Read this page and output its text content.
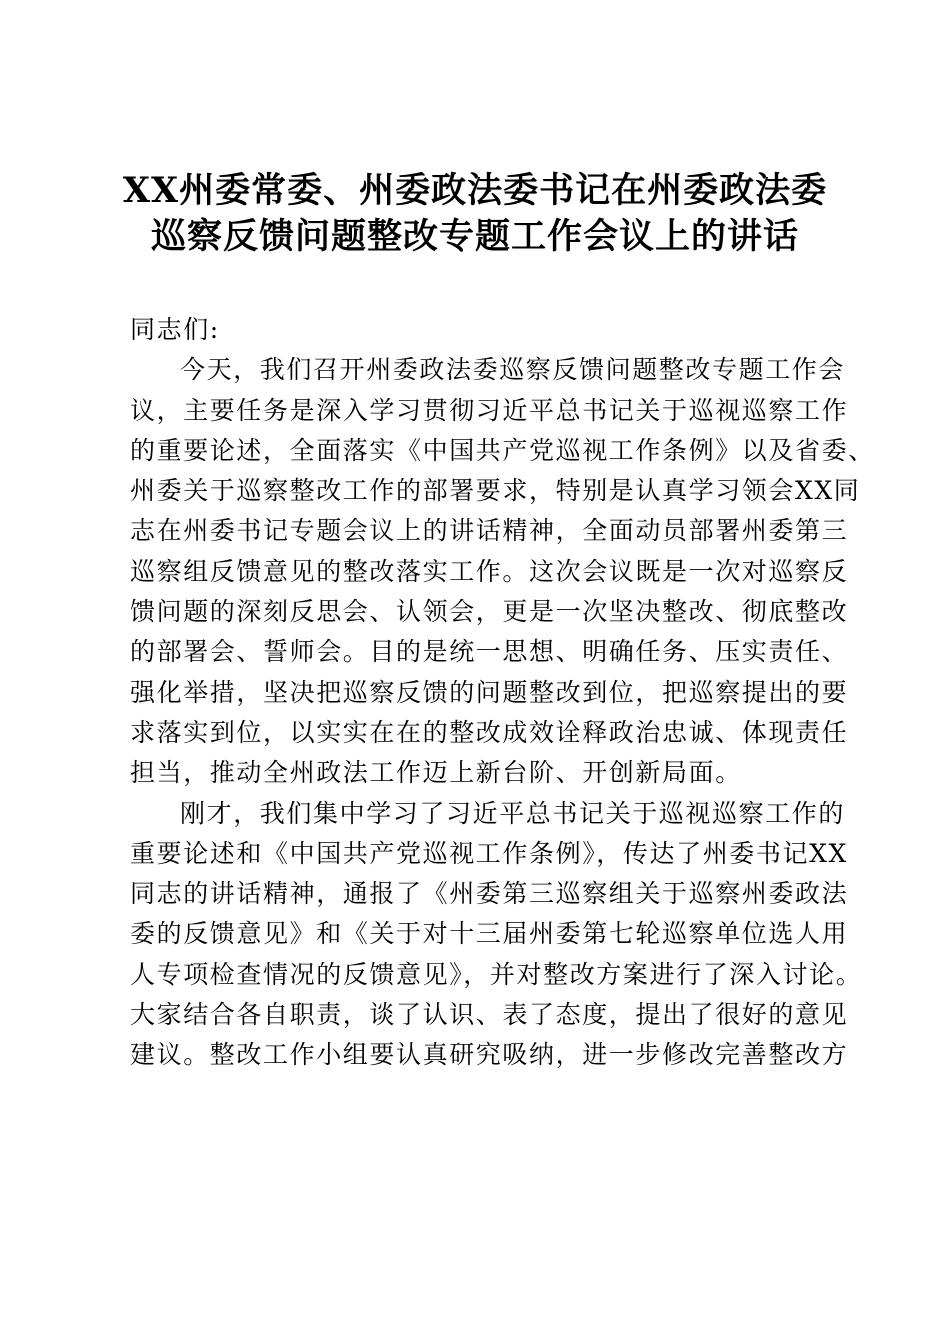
XX州委常委、州委政法委书记在州委政法委
巡察反馈问题整改专题工作会议上的讲话
同志们:
今天，我们召开州委政法委巡察反馈问题整改专题工作会
议，主要任务是深入学习贯彻习近平总书记关于巡视巡察工作
的重要论述，全面落实《中国共产党巡视工作条例》以及省委、
州委关于巡察整改工作的部署要求，特别是认真学习领会XX同
志在州委书记专题会议上的讲话精神，全面动员部署州委第三
巡察组反馈意见的整改落实工作。这次会议既是一次对巡察反
馈问题的深刻反思会、认领会，更是一次坚决整改、彻底整改
的部署会、誓师会。目的是统一思想、明确任务、压实责任、
强化举措，坚决把巡察反馈的问题整改到位，把巡察提出的要
求落实到位，以实实在在的整改成效诠释政治忠诚、体现责任
担当，推动全州政法工作迈上新台阶、开创新局面。
刚才，我们集中学习了习近平总书记关于巡视巡察工作的
重要论述和《中国共产党巡视工作条例》，传达了州委书记XX
同志的讲话精神，通报了《州委第三巡察组关于巡察州委政法
委的反馈意见》和《关于对十三届州委第七轮巡察单位选人用
人专项检查情况的反馈意见》，并对整改方案进行了深入讨论。
大家结合各自职责，谈了认识、表了态度，提出了很好的意见
建议。整改工作小组要认真研究吸纳，进一步修改完善整改方
